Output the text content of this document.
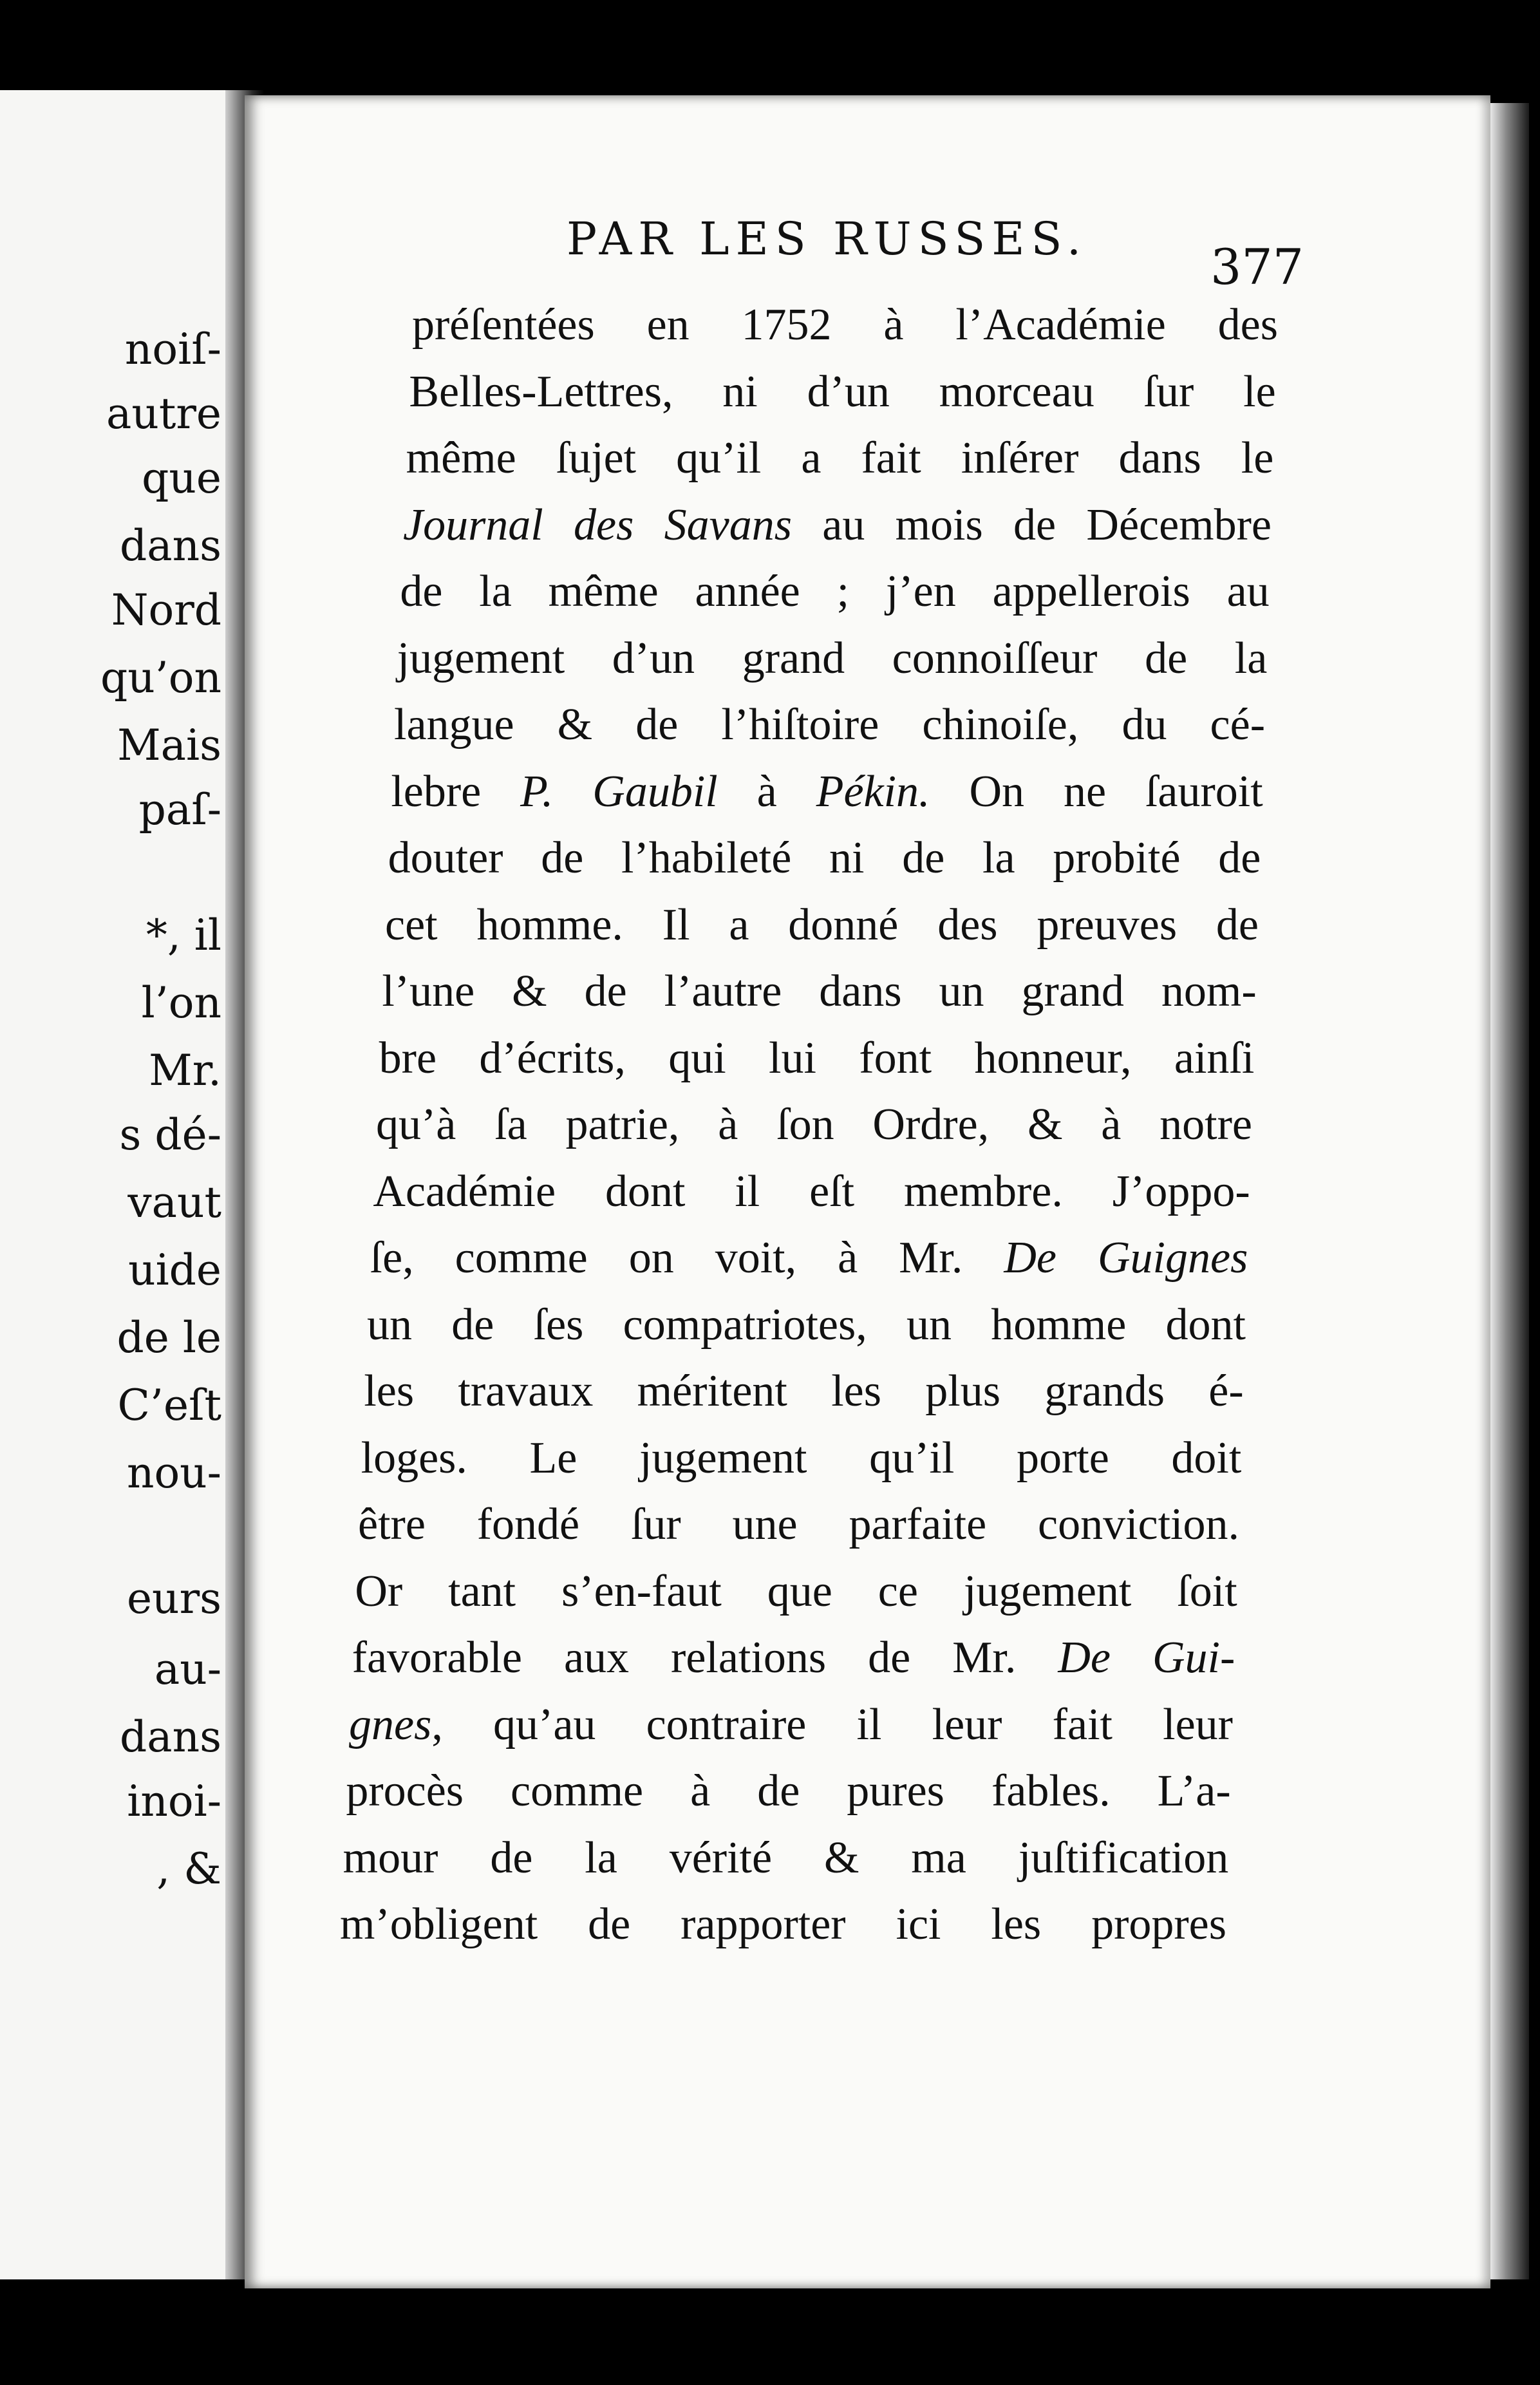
noiſ-
autre
que
dans
Nord
qu’on
Mais
paſ-
*, il
l’on
Mr.
s dé-
vaut
uide
de le
C’eſt
nou-
eurs
au-
dans
inoi-
, &
PAR LES RUSSES.	377
préſentées en 1752 à l’Académie des
Belles-Lettres, ni d’un morceau ſur le
même ſujet qu’il a fait inſérer dans le
Journal des Savans au mois de Décembre
de la même année ; j’en appellerois au
jugement d’un grand connoiſſeur de la
langue & de l’hiſtoire chinoiſe, du cé-
lebre P. Gaubil à Pékin. On ne ſauroit
douter de l’habileté ni de la probité de
cet homme. Il a donné des preuves de
l’une & de l’autre dans un grand nom-
bre d’écrits, qui lui font honneur, ainſi
qu’à ſa patrie, à ſon Ordre, & à notre
Académie dont il eſt membre. J’oppo-
ſe, comme on voit, à Mr. De Guignes
un de ſes compatriotes, un homme dont
les travaux méritent les plus grands é-
loges. Le jugement qu’il porte doit
être fondé ſur une parfaite conviction.
Or tant s’en-faut que ce jugement ſoit
favorable aux relations de Mr. De Gui-
gnes, qu’au contraire il leur fait leur
procès comme à de pures fables. L’a-
mour de la vérité & ma juſtification
m’obligent de rapporter ici les propres
